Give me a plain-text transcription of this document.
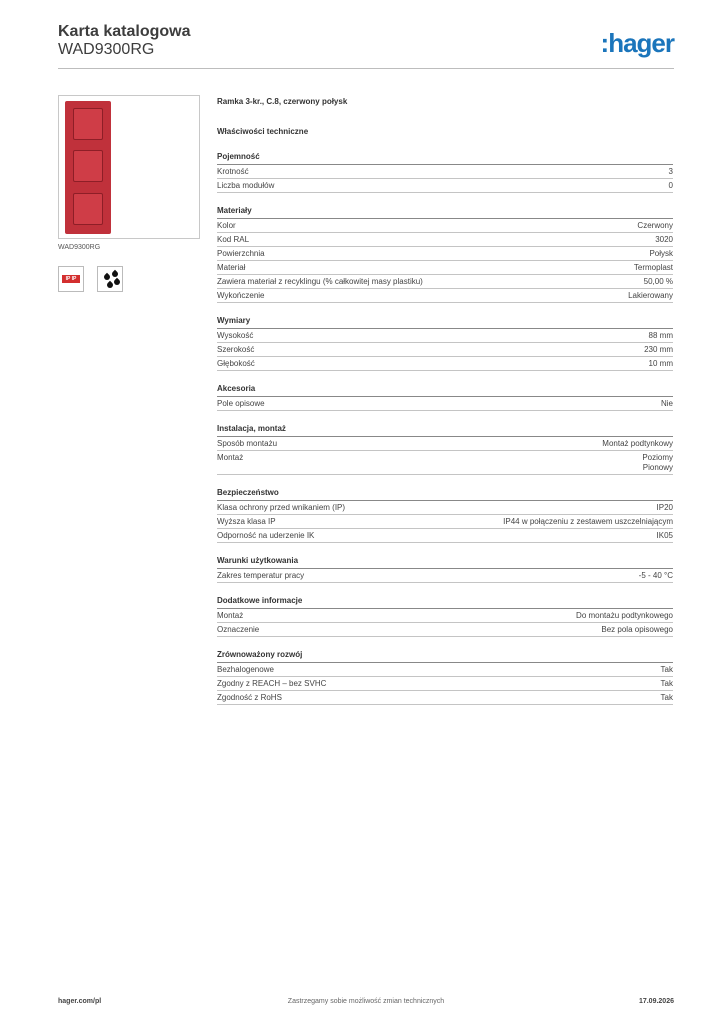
Karta katalogowa
WAD9300RG	:hager
WAD9300RG
IP IP
Ramka 3-kr., C.8, czerwony połysk
Właściwości techniczne
Pojemność
Krotność	3
Liczba modułów	0
Materiały
Kolor	Czerwony
Kod RAL	3020
Powierzchnia	Połysk
Materiał	Termoplast
Zawiera materiał z recyklingu (% całkowitej masy plastiku)	50,00 %
Wykończenie	Lakierowany
Wymiary
Wysokość	88 mm
Szerokość	230 mm
Głębokość	10 mm
Akcesoria
Pole opisowe	Nie
Instalacja, montaż
Sposób montażu	Montaż podtynkowy
Montaż	Poziomy
Pionowy
Bezpieczeństwo
Klasa ochrony przed wnikaniem (IP)	IP20
Wyższa klasa IP	IP44 w połączeniu z zestawem uszczelniającym
Odporność na uderzenie IK	IK05
Warunki użytkowania
Zakres temperatur pracy	-5 - 40 °C
Dodatkowe informacje
Montaż	Do montażu podtynkowego
Oznaczenie	Bez pola opisowego
Zrównoważony rozwój
Bezhalogenowe	Tak
Zgodny z REACH – bez SVHC	Tak
Zgodność z RoHS	Tak
Zastrzegamy sobie możliwość zmian technicznych
hager.com/pl	17.09.2026
